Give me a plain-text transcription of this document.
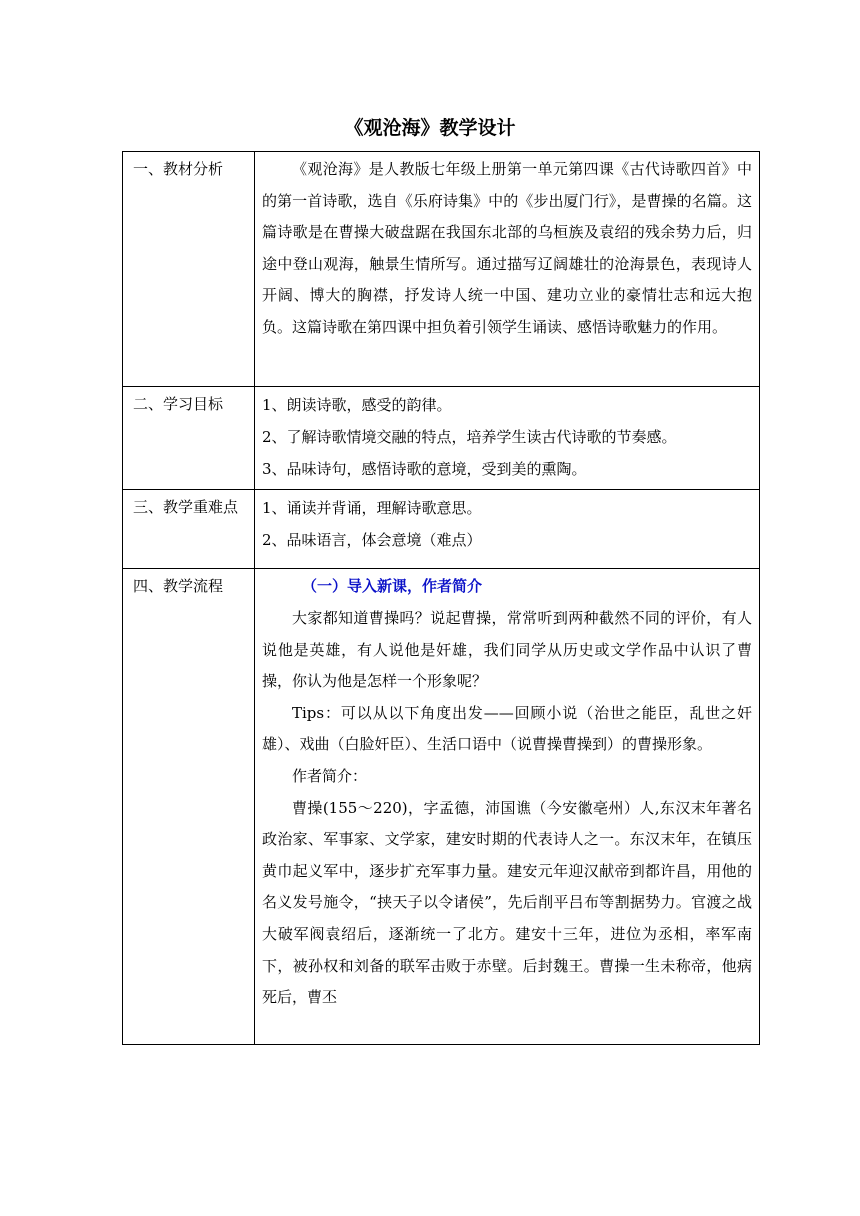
《观沧海》教学设计
一、教材分析	《观沧海》是人教版七年级上册第一单元第四课《古代诗歌四首》中的第一首诗歌，选自《乐府诗集》中的《步出厦门行》，是曹操的名篇。这篇诗歌是在曹操大破盘踞在我国东北部的乌桓族及袁绍的残余势力后，归途中登山观海，触景生情所写。通过描写辽阔雄壮的沧海景色，表现诗人开阔、博大的胸襟，抒发诗人统一中国、建功立业的豪情壮志和远大抱负。这篇诗歌在第四课中担负着引领学生诵读、感悟诗歌魅力的作用。

二、学习目标	1、朗读诗歌，感受的韵律。

2、了解诗歌情境交融的特点，培养学生读古代诗歌的节奏感。

3、品味诗句，感悟诗歌的意境，受到美的熏陶。

三、教学重难点	1、诵读并背诵，理解诗歌意思。

2、品味语言，体会意境（难点）

四、教学流程	（一）导入新课，作者简介

大家都知道曹操吗？说起曹操，常常听到两种截然不同的评价，有人说他是英雄，有人说他是奸雄，我们同学从历史或文学作品中认识了曹操，你认为他是怎样一个形象呢？

Tips：可以从以下角度出发——回顾小说（治世之能臣，乱世之奸雄）、戏曲（白脸奸臣）、生活口语中（说曹操曹操到）的曹操形象。

作者简介：

曹操(155～220)，字孟德，沛国谯（今安徽亳州）人,东汉末年著名政治家、军事家、文学家，建安时期的代表诗人之一。东汉末年，在镇压黄巾起义军中，逐步扩充军事力量。建安元年迎汉献帝到都许昌，用他的名义发号施令，“挟天子以令诸侯”，先后削平吕布等割据势力。官渡之战大破军阀袁绍后，逐渐统一了北方。建安十三年，进位为丞相，率军南下，被孙权和刘备的联军击败于赤壁。后封魏王。曹操一生未称帝，他病死后，曹丕
